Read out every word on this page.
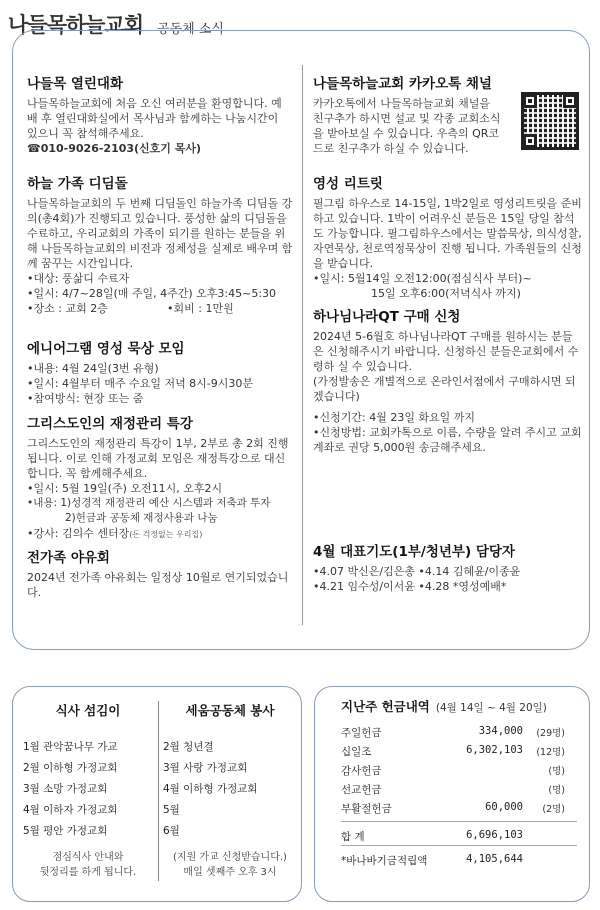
나들목하늘교회 공동체 소식
나들목 열린대화
나들목하늘교회에 처음 오신 여러분을 환영합니다. 예배 후 열린대화실에서 목사님과 함께하는 나눔시간이 있으니 꼭 참석해주세요.
☎010-9026-2103(신호기 목사)
하늘 가족 디딤돌
나들목하늘교회의 두 번째 디딤돌인 하늘가족 디딤돌 강의(총4회)가 진행되고 있습니다. 풍성한 삶의 디딤돌을 수료하고, 우리교회의 가족이 되기를 원하는 분들을 위해 나들목하늘교회의 비전과 정체성을 실제로 배우며 함께 꿈꾸는 시간입니다.
•대상: 풍삶디 수료자
•일시: 4/7~28일(매 주일, 4주간) 오후3:45~5:30
•장소 : 교회 2층	•회비 : 1만원
에니어그램 영성 묵상 모임
•내용: 4월 24일(3번 유형)
•일시: 4월부터 매주 수요일 저녁 8시-9시30분
•참여방식: 현장 또는 줌
그리스도인의 재정관리 특강
그리스도인의 재정관리 특강이 1부, 2부로 총 2회 진행됩니다. 이로 인해 가정교회 모임은 재정특강으로 대신합니다. 꼭 함께해주세요.
•일시: 5월 19일(주) 오전11시, 오후2시
•내용: 1)성경적 재정관리 예산 시스템과 저축과 투자
2)헌금과 공동체 재정사용과 나눔
•강사: 김의수 센터장(돈 걱정없는 우리집)
전가족 야유회
2024년 전가족 야유회는 일정상 10월로 연기되었습니다.
나들목하늘교회 카카오톡 채널
카카오톡에서 나들목하늘교회 채널을 친구추가 하시면 설교 및 각종 교회소식을 받아보실 수 있습니다. 우측의 QR코드로 친구추가 하실 수 있습니다.
영성 리트릿
필그림 하우스로 14-15일, 1박2일로 영성리트릿을 준비하고 있습니다. 1박이 어려우신 분들은 15일 당일 참석도 가능합니다. 필그림하우스에서는 말씀묵상, 의식성찰, 자연묵상, 천로역정묵상이 진행 됩니다. 가족원들의 신청을 받습니다.
•일시: 5월14일 오전12:00(점심식사 부터)~
15일 오후6:00(저녁식사 까지)
하나님나라QT 구매 신청
2024년 5-6월호 하나님나라QT 구매를 원하시는 분들은 신청해주시기 바랍니다. 신청하신 분들은교회에서 수령하 실 수 있습니다.
(가정발송은 개별적으로 온라인서점에서 구매하시면 되겠습니다)
•신청기간: 4월 23일 화요일 까지
•신청방법: 교회카톡으로 이름, 수량을 알려 주시고 교회계좌로 권당 5,000원 송금해주세요.
4월 대표기도(1부/청년부) 담당자
•4.07 박신은/김은총 •4.14 김혜윤/이종윤
•4.21 임수성/이서윤 •4.28 *영성예배*
식사 섬김이
1월 관악꿈나무 가교
2월 이하형 가정교회
3월 소망 가정교회
4월 이하자 가정교회
5월 평안 가정교회
점심식사 안내와
뒷정리를 하게 됩니다.
세움공동체 봉사
2월 청년결
3월 사랑 가정교회
4월 이하형 가정교회
5월
6월
(지원 가교 신청받습니다.)
매일 셋째주 오후 3시
지난주 헌금내역 (4월 14일 ~ 4월 20일)
주일헌금	334,000 (29명)
십일조	6,302,103 (12명)
감사헌금	(명)
선교헌금	(명)
부활절헌금	60,000 (2명)
합 계	6,696,103
*바나바기금적립액	4,105,644
